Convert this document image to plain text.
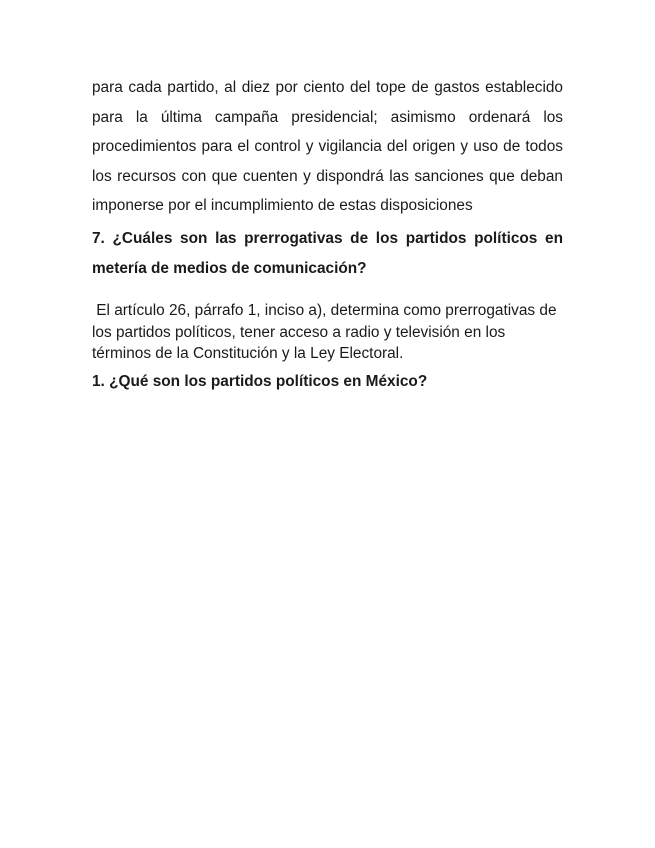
para cada partido, al diez por ciento del tope de gastos establecido para la última campaña presidencial; asimismo ordenará los procedimientos para el control y vigilancia del origen y uso de todos los recursos con que cuenten y dispondrá las sanciones que deban imponerse por el incumplimiento de estas disposiciones

7. ¿Cuáles son las prerrogativas de los partidos políticos en metería de medios de comunicación?

El artículo 26, párrafo 1, inciso a), determina como prerrogativas de los partidos políticos, tener acceso a radio y televisión en los términos de la Constitución y la Ley Electoral.

1. ¿Qué son los partidos políticos en México?
